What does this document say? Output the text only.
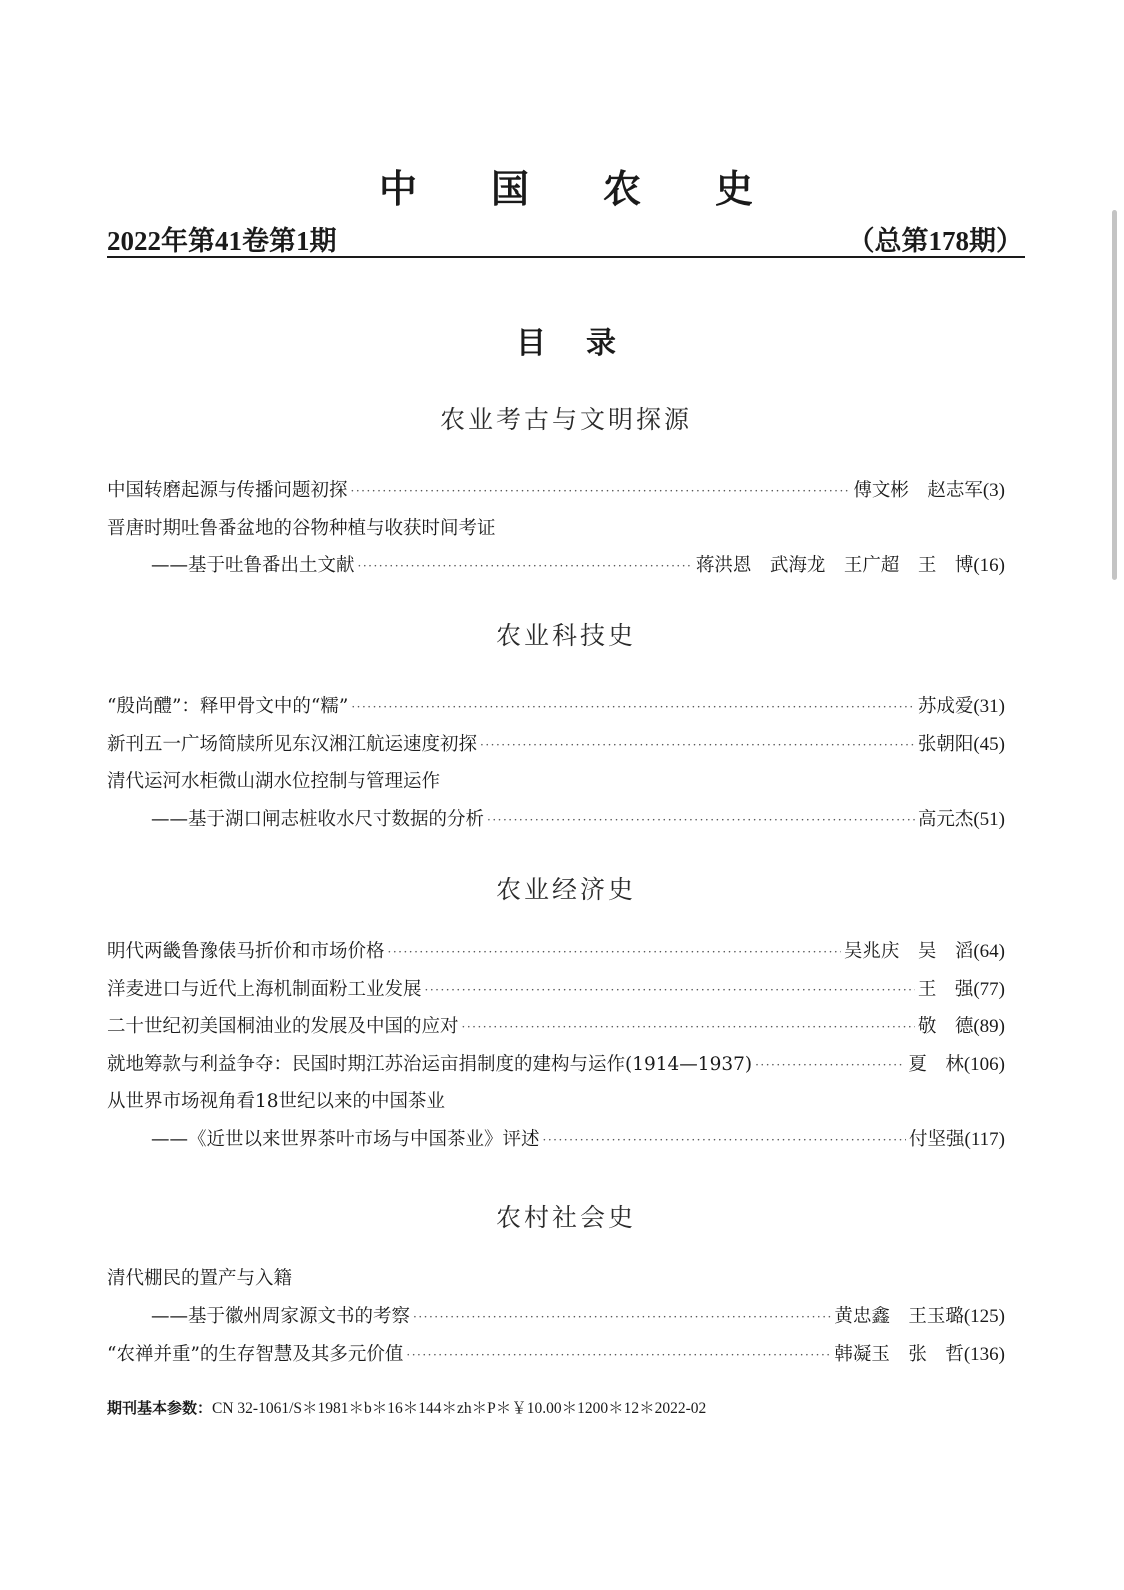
中 国 农 史
2022年第41卷第1期	（总第178期）
目 录
农业考古与文明探源
中国转磨起源与传播问题初探 ·····	傅文彬　赵志军 (3)
晋唐时期吐鲁番盆地的谷物种植与收获时间考证
——基于吐鲁番出土文献 ·····	蒋洪恩　武海龙　王广超　王　博 (16)
农业科技史
“殷尚醴”：释甲骨文中的“糯” ·····	苏成爱 (31)
新刊五一广场简牍所见东汉湘江航运速度初探 ·····	张朝阳 (45)
清代运河水柜微山湖水位控制与管理运作
——基于湖口闸志桩收水尺寸数据的分析 ·····	高元杰 (51)
农业经济史
明代两畿鲁豫俵马折价和市场价格 ·····	吴兆庆　吴　滔 (64)
洋麦进口与近代上海机制面粉工业发展 ·····	王　强 (77)
二十世纪初美国桐油业的发展及中国的应对 ·····	敬　德 (89)
就地筹款与利益争夺：民国时期江苏治运亩捐制度的建构与运作(1914—1937) ·····	夏　林 (106)
从世界市场视角看18世纪以来的中国茶业
——《近世以来世界茶叶市场与中国茶业》评述 ·····	付坚强 (117)
农村社会史
清代棚民的置产与入籍
——基于徽州周家源文书的考察 ·····	黄忠鑫　王玉璐 (125)
“农禅并重”的生存智慧及其多元价值 ·····	韩凝玉　张　哲 (136)
期刊基本参数：CN 32-1061/S＊1981＊b＊16＊144＊zh＊P＊￥10.00＊1200＊12＊2022-02
